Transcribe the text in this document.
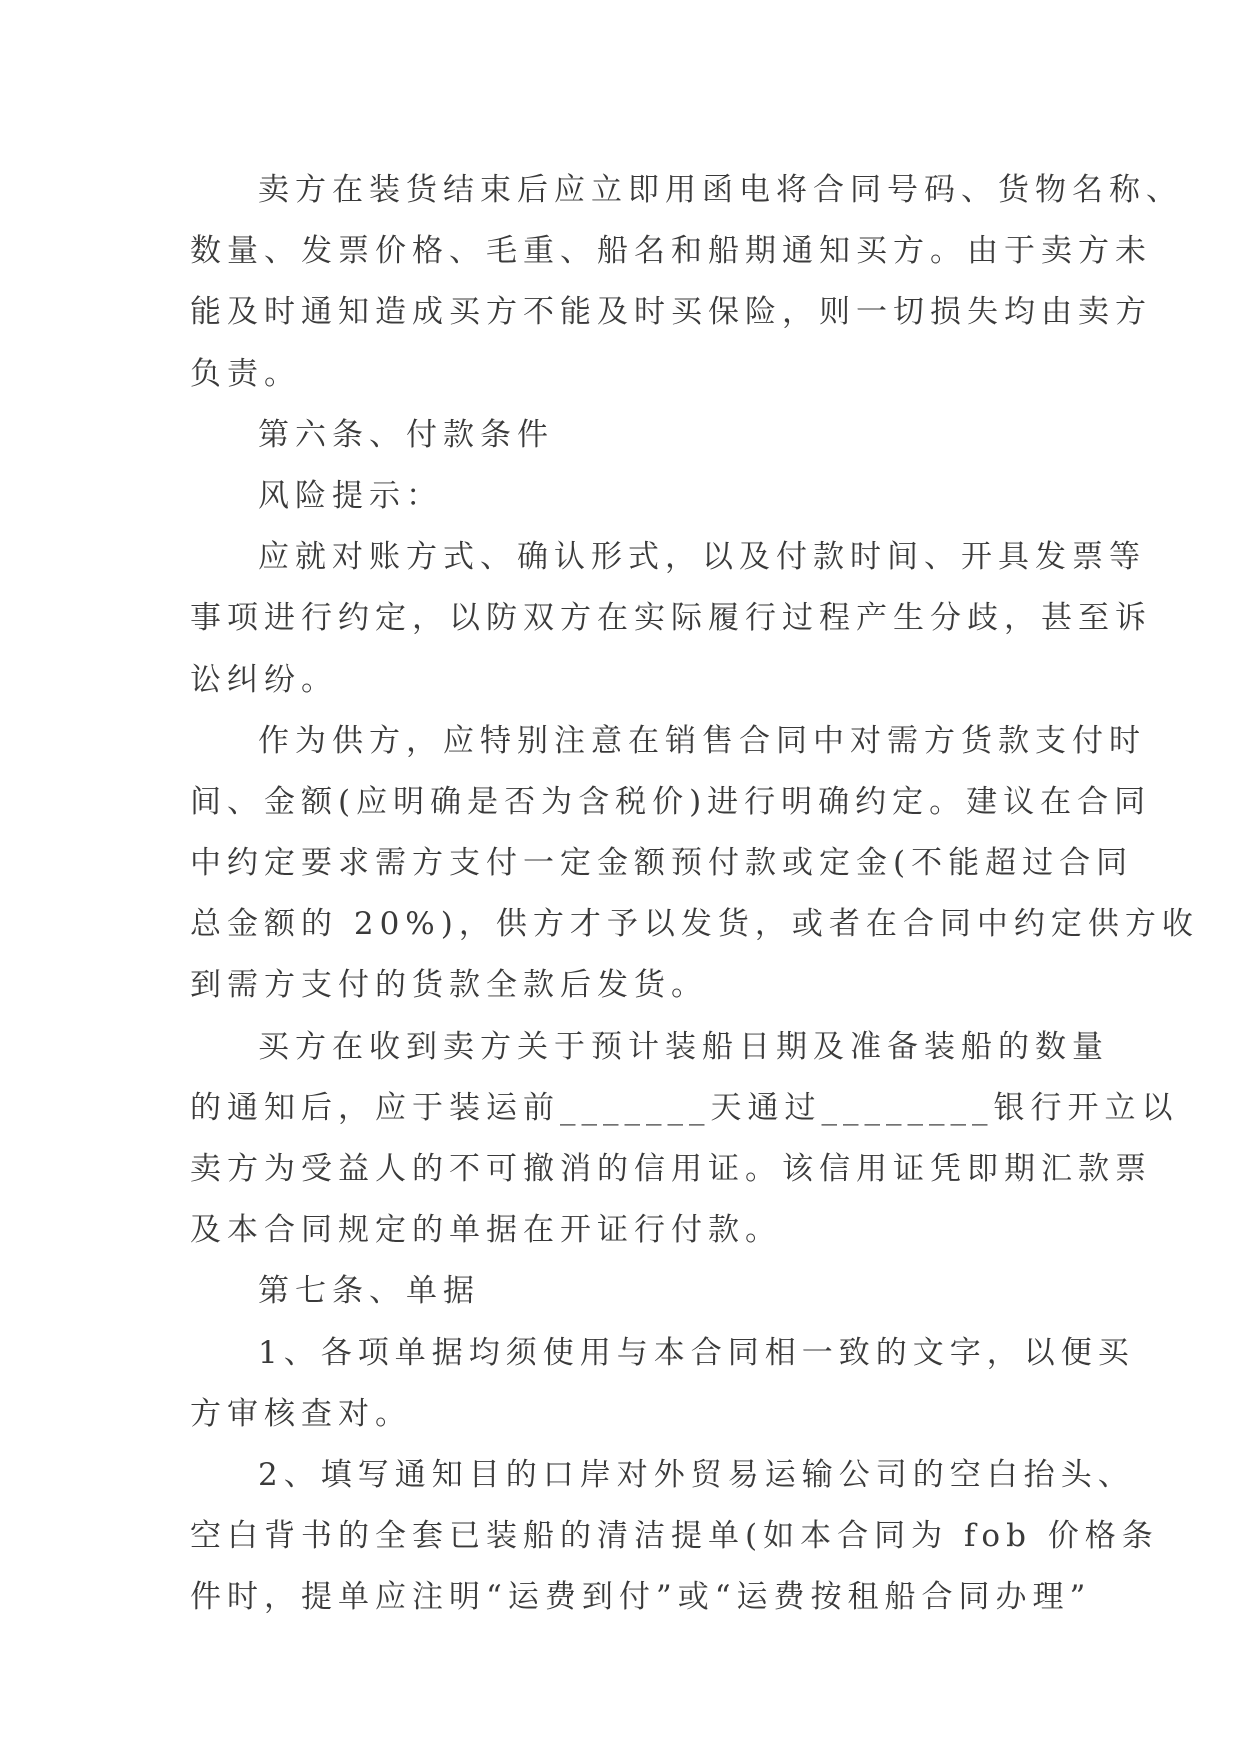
卖方在装货结束后应立即用函电将合同号码、货物名称、
数量、发票价格、毛重、船名和船期通知买方。由于卖方未
能及时通知造成买方不能及时买保险，则一切损失均由卖方
负责。
第六条、付款条件
风险提示：
应就对账方式、确认形式，以及付款时间、开具发票等
事项进行约定，以防双方在实际履行过程产生分歧，甚至诉
讼纠纷。
作为供方，应特别注意在销售合同中对需方货款支付时
间、金额(应明确是否为含税价)进行明确约定。建议在合同
中约定要求需方支付一定金额预付款或定金(不能超过合同
总金额的 20%)，供方才予以发货，或者在合同中约定供方收
到需方支付的货款全款后发货。
买方在收到卖方关于预计装船日期及准备装船的数量
的通知后，应于装运前_______天通过________银行开立以
卖方为受益人的不可撤消的信用证。该信用证凭即期汇款票
及本合同规定的单据在开证行付款。
第七条、单据
1、各项单据均须使用与本合同相一致的文字，以便买
方审核查对。
2、填写通知目的口岸对外贸易运输公司的空白抬头、
空白背书的全套已装船的清洁提单(如本合同为 fob 价格条
件时，提单应注明“运费到付”或“运费按租船合同办理”
